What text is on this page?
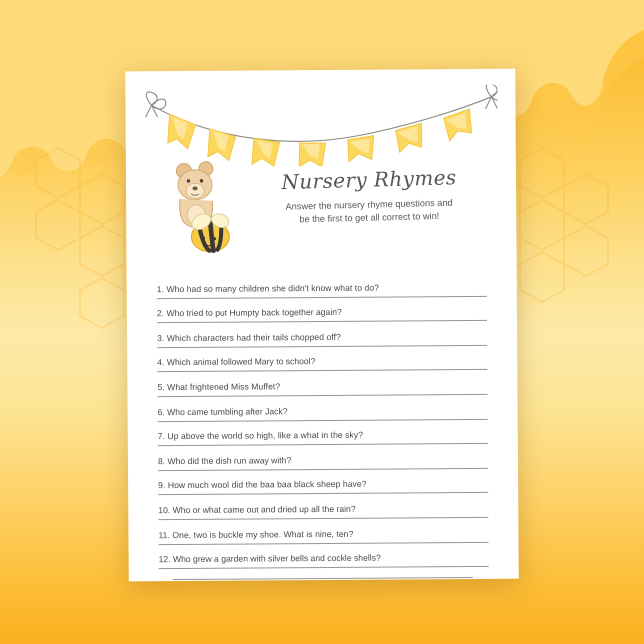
Nursery Rhymes
Answer the nursery rhyme questions and
be the first to get all correct to win!
1. Who had so many children she didn't know what to do?
2. Who tried to put Humpty back together again?
3. Which characters had their tails chopped off?
4. Which animal followed Mary to school?
5. What frightened Miss Muffet?
6. Who came tumbling after Jack?
7. Up above the world so high, like a what in the sky?
8. Who did the dish run away with?
9. How much wool did the baa baa black sheep have?
10. Who or what came out and dried up all the rain?
11. One, two is buckle my shoe. What is nine, ten?
12. Who grew a garden with silver bells and cockle shells?
